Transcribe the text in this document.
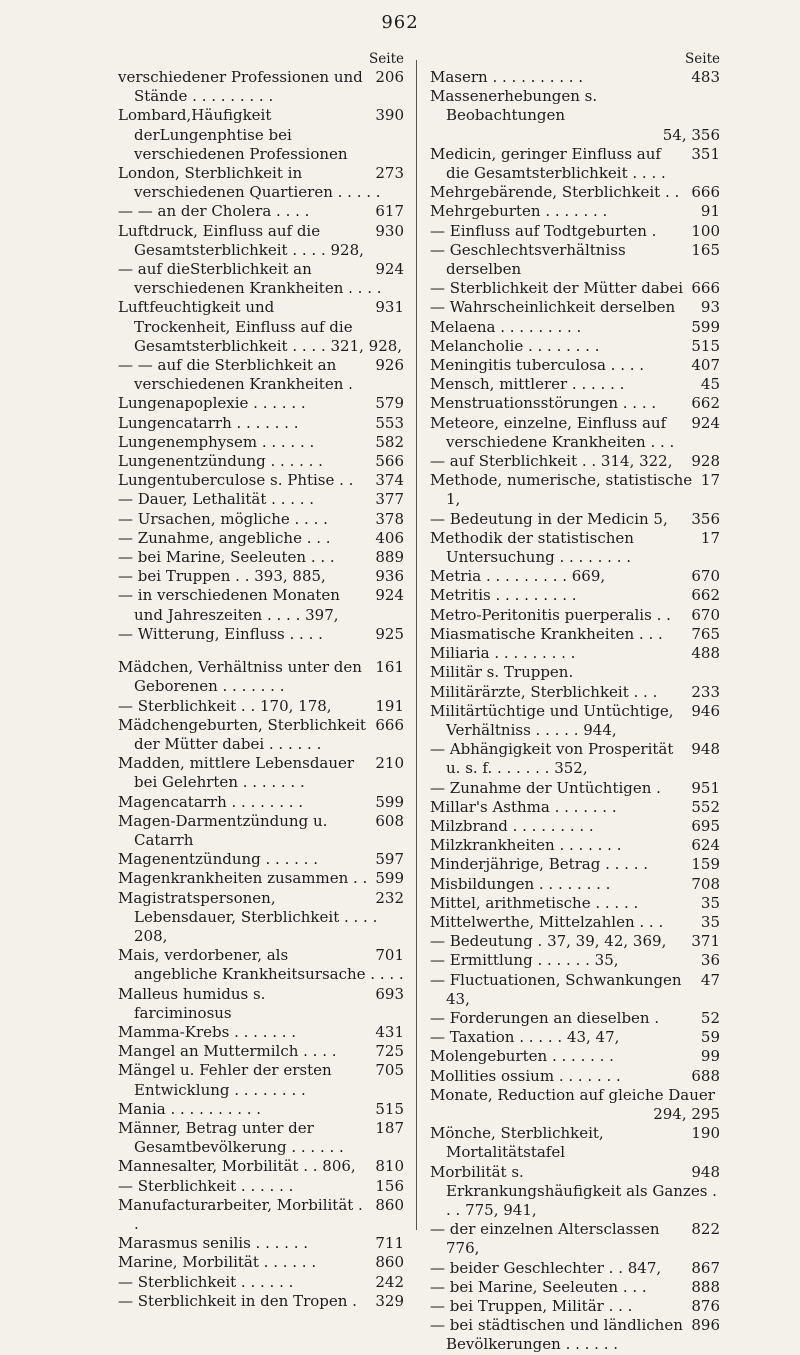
962
Seite
206
verschiedener Professionen und Stände . . . . . . . . .
390
Lombard,Häufigkeit derLungenphtise bei verschiedenen Professionen
273
London, Sterblichkeit in verschiedenen Quartieren . . . . .
617
— — an der Cholera . . . .
930
Luftdruck, Einfluss auf die Gesamtsterblichkeit . . . . 928,
924
— auf dieSterblichkeit an verschiedenen Krankheiten . . . .
931
Luftfeuchtigkeit und Trockenheit, Einfluss auf die Gesamtsterblichkeit . . . . 321, 928,
926
— — auf die Sterblichkeit an verschiedenen Krankheiten .
579
Lungenapoplexie . . . . . .
553
Lungencatarrh . . . . . . .
582
Lungenemphysem . . . . . .
566
Lungenentzündung . . . . . .
374
Lungentuberculose s. Phtise . .
377
— Dauer, Lethalität . . . . .
378
— Ursachen, mögliche . . . .
406
— Zunahme, angebliche . . .
889
— bei Marine, Seeleuten . . .
936
— bei Truppen . . 393, 885,
924
— in verschiedenen Monaten und Jahreszeiten . . . . 397,
925
— Witterung, Einfluss . . . .
161
Mädchen, Verhältniss unter den Geborenen . . . . . . .
191
— Sterblichkeit . . 170, 178,
666
Mädchengeburten, Sterblichkeit der Mütter dabei . . . . . .
210
Madden, mittlere Lebensdauer bei Gelehrten . . . . . . .
599
Magencatarrh . . . . . . . .
608
Magen-Darmentzündung u. Catarrh
597
Magenentzündung . . . . . .
599
Magenkrankheiten zusammen . .
232
Magistratspersonen, Lebensdauer, Sterblichkeit . . . . 208,
701
Mais, verdorbener, als angebliche Krankheitsursache . . . .
693
Malleus humidus s. farciminosus
431
Mamma-Krebs . . . . . . .
725
Mangel an Muttermilch . . . .
705
Mängel u. Fehler der ersten Entwicklung . . . . . . . .
515
Mania . . . . . . . . . .
187
Männer, Betrag unter der Gesamtbevölkerung . . . . . .
810
Mannesalter, Morbilität . . 806,
156
— Sterblichkeit . . . . . .
860
Manufacturarbeiter, Morbilität . .
711
Marasmus senilis . . . . . .
860
Marine, Morbilität . . . . . .
242
— Sterblichkeit . . . . . .
329
— Sterblichkeit in den Tropen .
Seite
483
Masern . . . . . . . . . .
Massenerhebungen s. Beobachtungen
54, 356
351
Medicin, geringer Einfluss auf die Gesamtsterblichkeit . . . .
666
Mehrgebärende, Sterblichkeit . .
91
Mehrgeburten . . . . . . .
100
— Einfluss auf Todtgeburten .
165
— Geschlechtsverhältniss derselben
666
— Sterblichkeit der Mütter dabei
93
— Wahrscheinlichkeit derselben
599
Melaena . . . . . . . . .
515
Melancholie . . . . . . . .
407
Meningitis tuberculosa . . . .
45
Mensch, mittlerer . . . . . .
662
Menstruationsstörungen . . . .
924
Meteore, einzelne, Einfluss auf verschiedene Krankheiten . . .
928
— auf Sterblichkeit . . 314, 322,
17
Methode, numerische, statistische 1,
356
— Bedeutung in der Medicin 5,
17
Methodik der statistischen Untersuchung . . . . . . . .
670
Metria . . . . . . . . . 669,
662
Metritis . . . . . . . . .
670
Metro-Peritonitis puerperalis . .
765
Miasmatische Krankheiten . . .
488
Miliaria . . . . . . . . .
Militär s. Truppen.
233
Militärärzte, Sterblichkeit . . .
946
Militärtüchtige und Untüchtige, Verhältniss . . . . . 944,
948
— Abhängigkeit von Prosperität u. s. f. . . . . . . 352,
951
— Zunahme der Untüchtigen .
552
Millar's Asthma . . . . . . .
695
Milzbrand . . . . . . . . .
624
Milzkrankheiten . . . . . . .
159
Minderjährige, Betrag . . . . .
708
Misbildungen . . . . . . . .
35
Mittel, arithmetische . . . . .
35
Mittelwerthe, Mittelzahlen . . .
371
— Bedeutung . 37, 39, 42, 369,
36
— Ermittlung . . . . . . 35,
47
— Fluctuationen, Schwankungen 43,
52
— Forderungen an dieselben .
59
— Taxation . . . . . 43, 47,
99
Molengeburten . . . . . . .
688
Mollities ossium . . . . . . .
Monate, Reduction auf gleiche Dauer
294, 295
190
Mönche, Sterblichkeit, Mortalitätstafel
948
Morbilität s. Erkrankungshäufigkeit als Ganzes . . . 775, 941,
822
— der einzelnen Altersclassen 776,
867
— beider Geschlechter . . 847,
888
— bei Marine, Seeleuten . . .
876
— bei Truppen, Militär . . .
896
— bei städtischen und ländlichen Bevölkerungen . . . . . .
